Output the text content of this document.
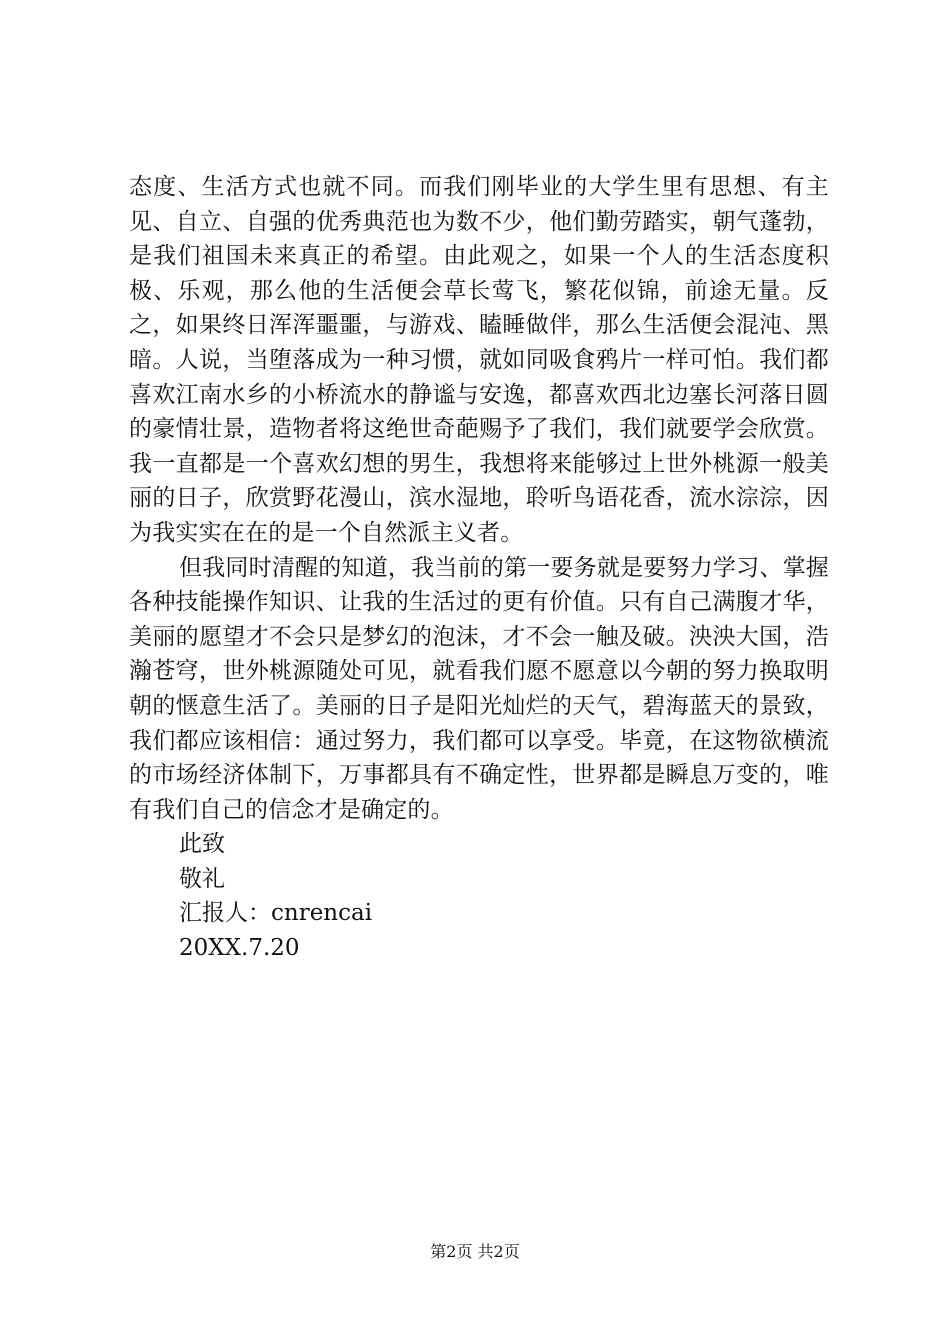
态度、生活方式也就不同。而我们刚毕业的大学生里有思想、有主见、自立、自强的优秀典范也为数不少，他们勤劳踏实，朝气蓬勃，是我们祖国未来真正的希望。由此观之，如果一个人的生活态度积极、乐观，那么他的生活便会草长莺飞，繁花似锦，前途无量。反之，如果终日浑浑噩噩，与游戏、瞌睡做伴，那么生活便会混沌、黑暗。人说，当堕落成为一种习惯，就如同吸食鸦片一样可怕。我们都喜欢江南水乡的小桥流水的静谧与安逸，都喜欢西北边塞长河落日圆的豪情壮景，造物者将这绝世奇葩赐予了我们，我们就要学会欣赏。我一直都是一个喜欢幻想的男生，我想将来能够过上世外桃源一般美丽的日子，欣赏野花漫山，滨水湿地，聆听鸟语花香，流水淙淙，因为我实实在在的是一个自然派主义者。

但我同时清醒的知道，我当前的第一要务就是要努力学习、掌握各种技能操作知识、让我的生活过的更有价值。只有自己满腹才华，美丽的愿望才不会只是梦幻的泡沫，才不会一触及破。泱泱大国，浩瀚苍穹，世外桃源随处可见，就看我们愿不愿意以今朝的努力换取明朝的惬意生活了。美丽的日子是阳光灿烂的天气，碧海蓝天的景致，我们都应该相信：通过努力，我们都可以享受。毕竟，在这物欲横流的市场经济体制下，万事都具有不确定性，世界都是瞬息万变的，唯有我们自己的信念才是确定的。

此致

敬礼

汇报人：cnrencai

20XX.7.20

第2页 共2页
